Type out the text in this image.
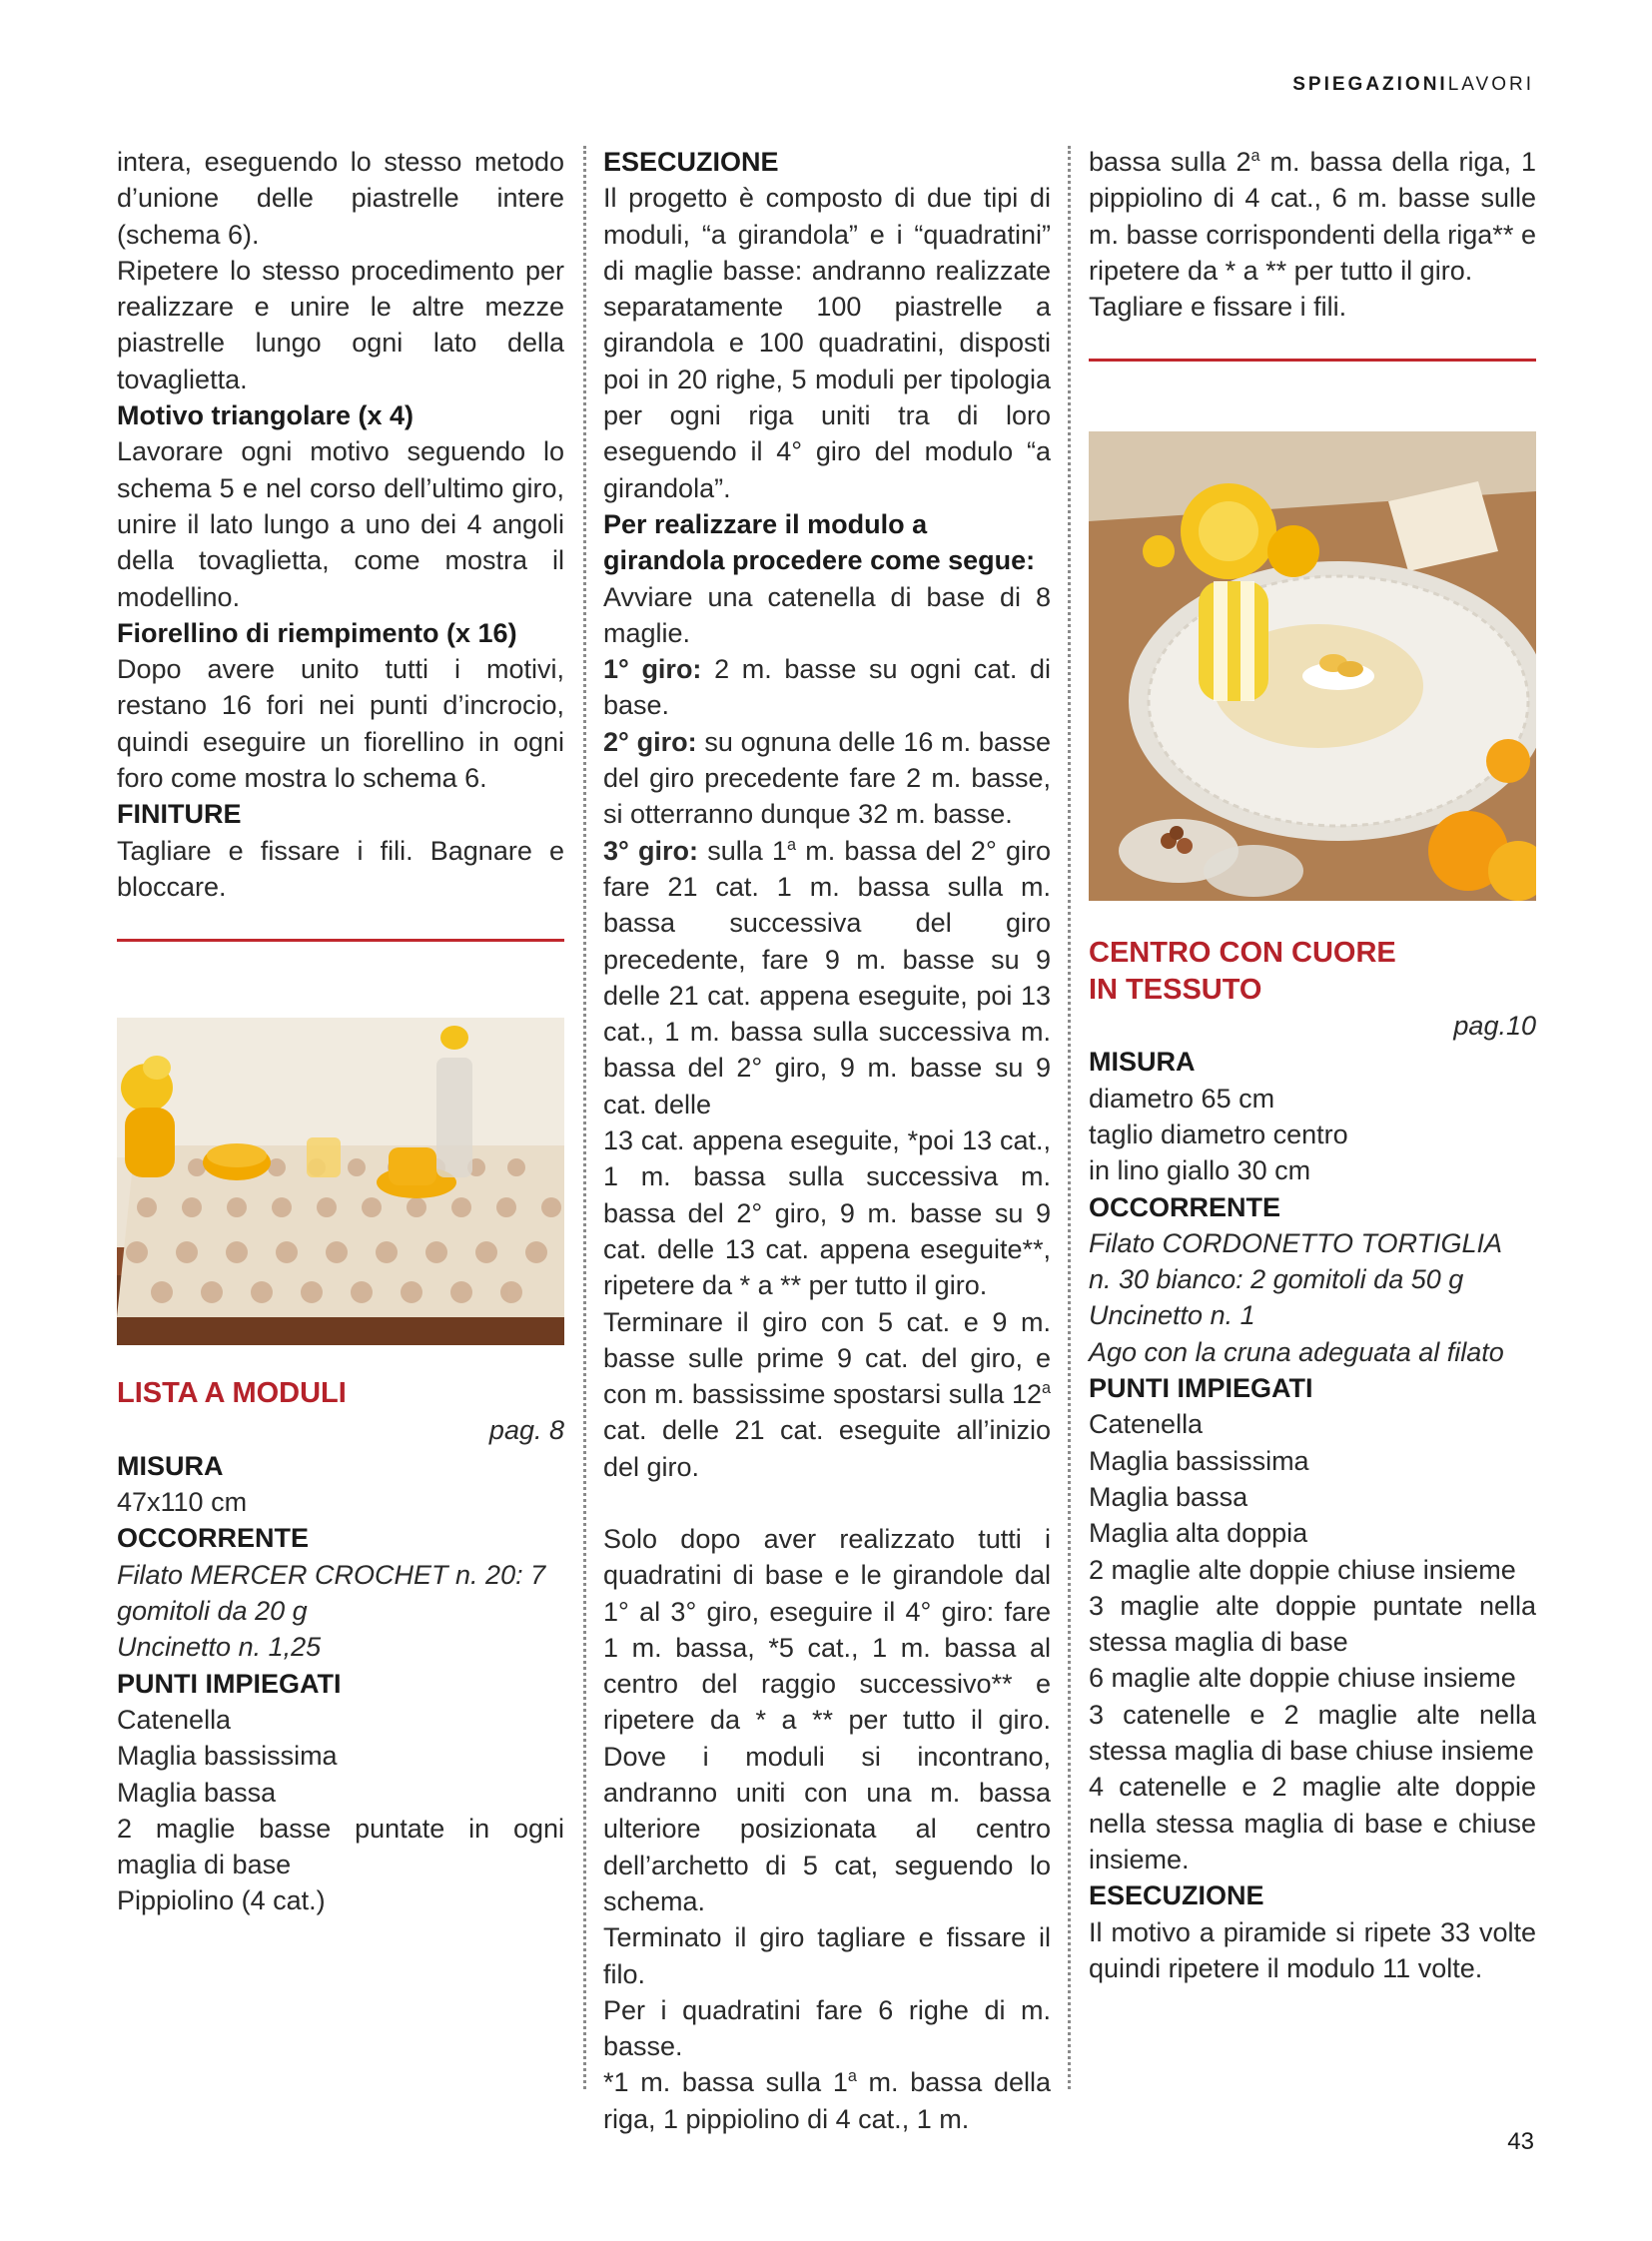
SPIEGAZIONILAVORI

intera, eseguendo lo stesso metodo d’unione delle piastrelle intere (schema 6).

Ripetere lo stesso procedimento per realizzare e unire le altre mezze piastrelle lungo ogni lato della tovaglietta.

Motivo triangolare (x 4)

Lavorare ogni motivo seguendo lo schema 5 e nel corso dell’ultimo giro, unire il lato lungo a uno dei 4 angoli della tovaglietta, come mostra il modellino.

Fiorellino di riempimento (x 16)

Dopo avere unito tutti i motivi, restano 16 fori nei punti d’incrocio, quindi eseguire un fiorellino in ogni foro come mostra lo schema 6.

FINITURE

Tagliare e fissare i fili. Bagnare e bloccare.

LISTA A MODULI

pag. 8

MISURA

47x110 cm

OCCORRENTE

Filato MERCER CROCHET n. 20: 7 gomitoli da 20 g

Uncinetto n. 1,25

PUNTI IMPIEGATI

Catenella

Maglia bassissima

Maglia bassa

2 maglie basse puntate in ogni maglia di base

Pippiolino (4 cat.)

ESECUZIONE

Il progetto è composto di due tipi di moduli, “a girandola” e i “quadratini” di maglie basse: andranno realizzate separatamente 100 piastrelle a girandola e 100 quadratini, disposti poi in 20 righe, 5 moduli per tipologia per ogni riga uniti tra di loro eseguendo il 4° giro del modulo “a girandola”.

Per realizzare il modulo a girandola procedere come segue:

Avviare una catenella di base di 8 maglie.

1° giro: 2 m. basse su ogni cat. di base.

2° giro: su ognuna delle 16 m. basse del giro precedente fare 2 m. basse, si otterranno dunque 32 m. basse.

3° giro: sulla 1$^a$ m. bassa del 2° giro fare 21 cat. 1 m. bassa sulla m. bassa successiva del giro precedente, fare 9 m. basse su 9 delle 21 cat. appena eseguite, poi 13 cat., 1 m. bassa sulla successiva m. bassa del 2° giro, 9 m. basse su 9 cat. delle

13 cat. appena eseguite, *poi 13 cat., 1 m. bassa sulla successiva m. bassa del 2° giro, 9 m. basse su 9 cat. delle 13 cat. appena eseguite**, ripetere da * a ** per tutto il giro.

Terminare il giro con 5 cat. e 9 m. basse sulle prime 9 cat. del giro, e con m. bassissime spostarsi sulla 12$^a$ cat. delle 21 cat. eseguite all’inizio del giro.

Solo dopo aver realizzato tutti i quadratini di base e le girandole dal 1° al 3° giro, eseguire il 4° giro: fare 1 m. bassa, *5 cat., 1 m. bassa al centro del raggio successivo** e ripetere da * a ** per tutto il giro. Dove i moduli si incontrano, andranno uniti con una m. bassa ulteriore posizionata al centro dell’archetto di 5 cat, seguendo lo schema.

Terminato il giro tagliare e fissare il filo.

Per i quadratini fare 6 righe di m. basse.

*1 m. bassa sulla 1$^a$ m. bassa della riga, 1 pippiolino di 4 cat., 1 m.

bassa sulla 2$^a$ m. bassa della riga, 1 pippiolino di 4 cat., 6 m. basse sulle m. basse corrispondenti della riga** e ripetere da * a ** per tutto il giro.

Tagliare e fissare i fili.

CENTRO CON CUORE

IN TESSUTO

pag.10

MISURA

diametro 65 cm

taglio diametro centro

in lino giallo 30 cm

OCCORRENTE

Filato CORDONETTO TORTIGLIA

n. 30 bianco: 2 gomitoli da 50 g

Uncinetto n. 1

Ago con la cruna adeguata al filato

PUNTI IMPIEGATI

Catenella

Maglia bassissima

Maglia bassa

Maglia alta doppia

2 maglie alte doppie chiuse insieme

3 maglie alte doppie puntate nella stessa maglia di base

6 maglie alte doppie chiuse insieme

3 catenelle e 2 maglie alte nella stessa maglia di base chiuse insieme

4 catenelle e 2 maglie alte doppie nella stessa maglia di base e chiuse insieme.

ESECUZIONE

Il motivo a piramide si ripete 33 volte quindi ripetere il modulo 11 volte.

43
